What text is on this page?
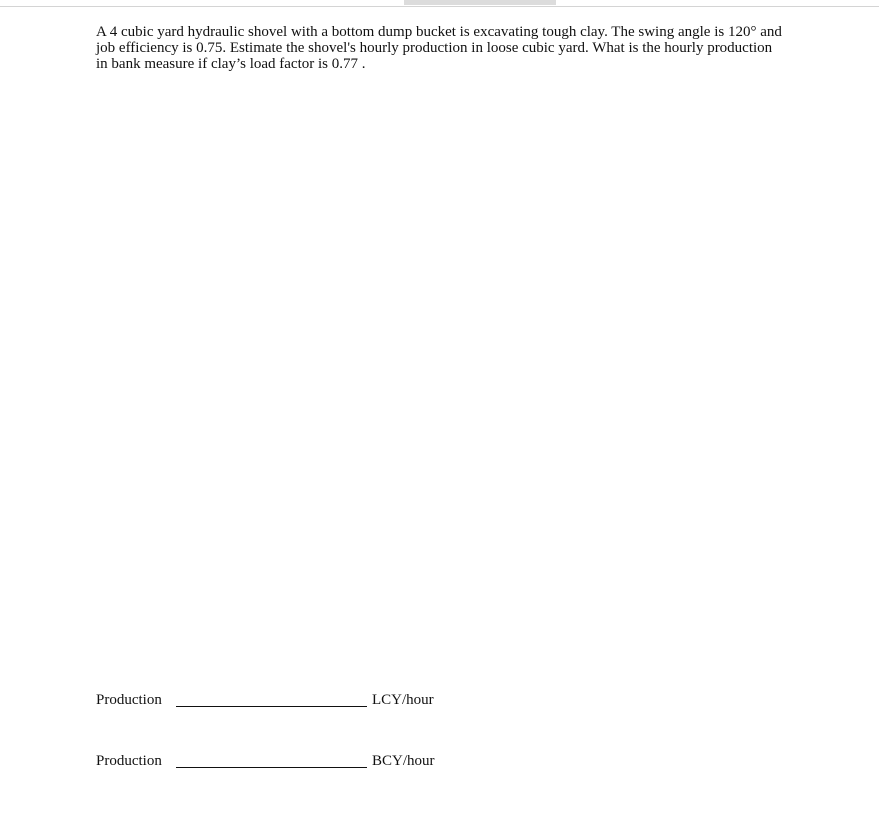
A 4 cubic yard hydraulic shovel with a bottom dump bucket is excavating tough clay. The swing angle is 120° and job efficiency is 0.75. Estimate the shovel's hourly production in loose cubic yard. What is the hourly production in bank measure if clay’s load factor is 0.77 .

Production	LCY/hour
Production	BCY/hour
